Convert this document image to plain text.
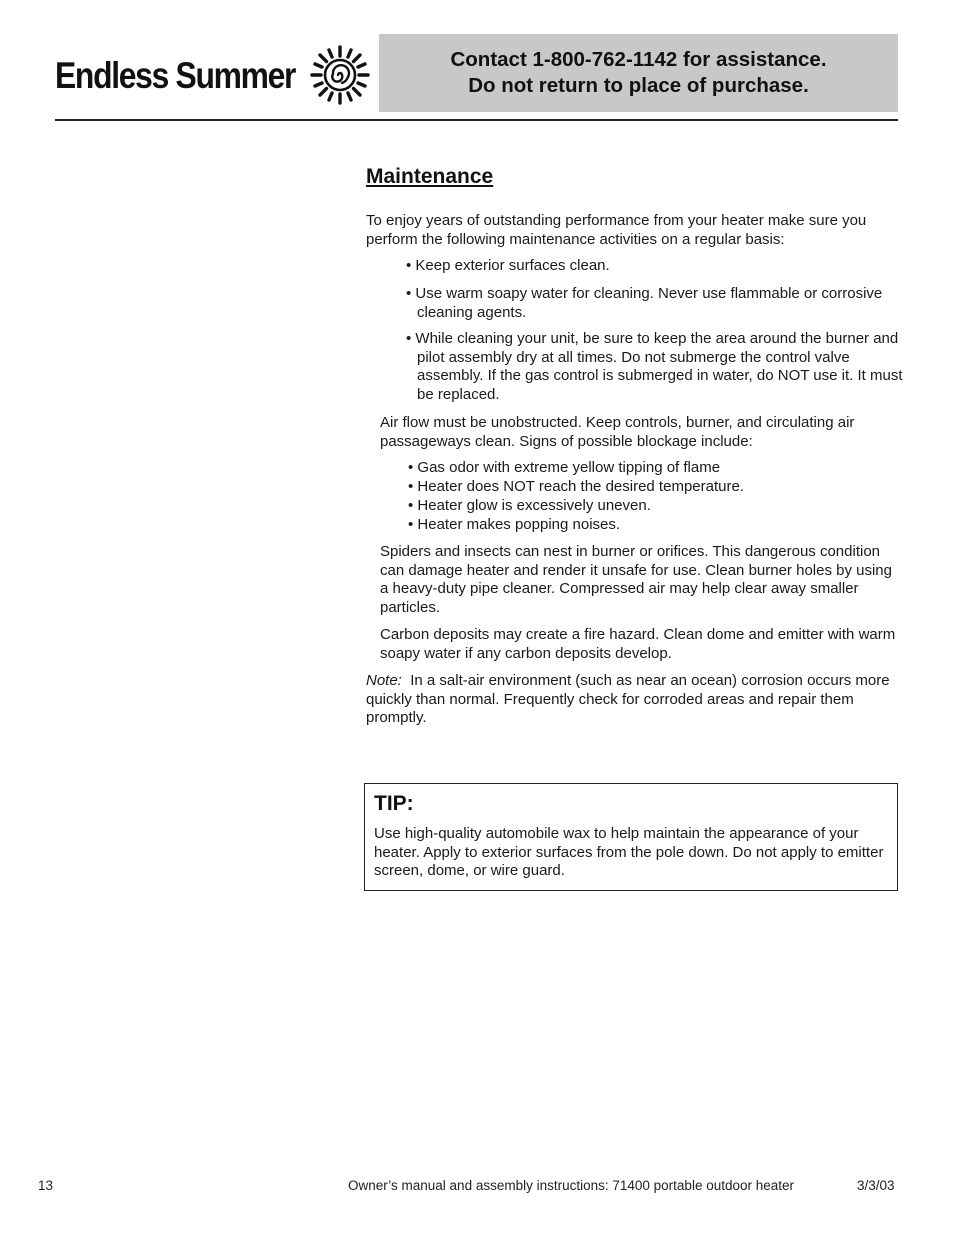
Endless Summer	Contact 1-800-762-1142 for assistance.
Do not return to place of purchase.
Maintenance

To enjoy years of outstanding performance from your heater make sure you perform the following maintenance activities on a regular basis:

• Keep exterior surfaces clean.

• Use warm soapy water for cleaning. Never use flammable or corrosive cleaning agents.

• While cleaning your unit, be sure to keep the area around the burner and pilot assembly dry at all times. Do not submerge the control valve assembly. If the gas control is submerged in water, do NOT use it. It must be replaced.

Air flow must be unobstructed. Keep controls, burner, and circulating air passageways clean. Signs of possible blockage include:

• Gas odor with extreme yellow tipping of flame

• Heater does NOT reach the desired temperature.

• Heater glow is excessively uneven.

• Heater makes popping noises.

Spiders and insects can nest in burner or orifices. This dangerous condition can damage heater and render it unsafe for use. Clean burner holes by using a heavy-duty pipe cleaner. Compressed air may help clear away smaller particles.

Carbon deposits may create a fire hazard. Clean dome and emitter with warm soapy water if any carbon deposits develop.

Note: In a salt-air environment (such as near an ocean) corrosion occurs more quickly than normal. Frequently check for corroded areas and repair them promptly.

TIP:

Use high-quality automobile wax to help maintain the appearance of your heater. Apply to exterior surfaces from the pole down. Do not apply to emitter screen, dome, or wire guard.

13	Owner’s manual and assembly instructions: 71400 portable outdoor heater	3/3/03
